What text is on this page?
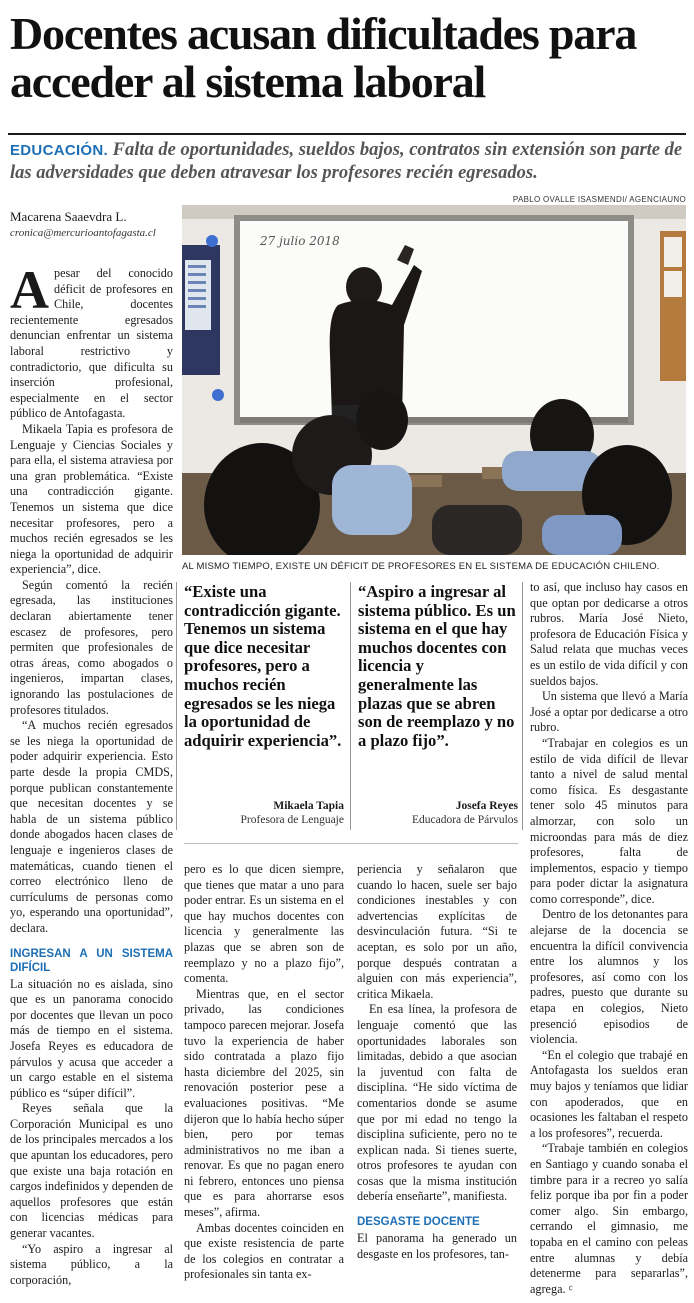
Docentes acusan dificultades para acceder al sistema laboral

EDUCACIÓN. Falta de oportunidades, sueldos bajos, contratos sin extensión son parte de las adversidades que deben atravesar los profesores recién egresados.

Macarena Saaevdra L.
cronica@mercurioantofagasta.cl
PABLO OVALLE ISASMENDI/ AGENCIAUNO
27 julio 2018
AL MISMO TIEMPO, EXISTE UN DÉFICIT DE PROFESORES EN EL SISTEMA DE EDUCACIÓN CHILENO.

Apesar del conocido déficit de profesores en Chile, docentes recientemente egresados denuncian enfrentar un sistema laboral restrictivo y contradictorio, que dificulta su inserción profesional, especialmente en el sector público de Antofagasta.

Mikaela Tapia es profesora de Lenguaje y Ciencias Sociales y para ella, el sistema atraviesa por una gran problemática. “Existe una contradicción gigante. Tenemos un sistema que dice necesitar profesores, pero a muchos recién egresados se les niega la oportunidad de adquirir experiencia”, dice.

Según comentó la recién egresada, las instituciones declaran abiertamente tener escasez de profesores, pero permiten que profesionales de otras áreas, como abogados o ingenieros, impartan clases, ignorando las postulaciones de profesores titulados.

“A muchos recién egresados se les niega la oportunidad de poder adquirir experiencia. Esto parte desde la propia CMDS, porque publican constantemente que necesitan docentes y se habla de un sistema público donde abogados hacen clases de lenguaje e ingenieros clases de matemáticas, cuando tienen el correo electrónico lleno de currículums de personas como yo, esperando una oportunidad”, declara.

INGRESAN A UN SISTEMA DIFÍCIL

La situación no es aislada, sino que es un panorama conocido por docentes que llevan un poco más de tiempo en el sistema. Josefa Reyes es educadora de párvulos y acusa que acceder a un cargo estable en el sistema público es “súper difícil”.

Reyes señala que la Corporación Municipal es uno de los principales mercados a los que apuntan los educadores, pero que existe una baja rotación en cargos indefinidos y dependen de aquellos profesores que están con licencias médicas para generar vacantes.

“Yo aspiro a ingresar al sistema público, a la corporación,

“Existe una contradicción gigante. Tenemos un sistema que dice necesitar profesores, pero a muchos recién egresados se les niega la oportunidad de adquirir experiencia”.
Mikaela Tapia
Profesora de Lenguaje
“Aspiro a ingresar al sistema público. Es un sistema en el que hay muchos docentes con licencia y generalmente las plazas que se abren son de reemplazo y no a plazo fijo”.
Josefa Reyes
Educadora de Párvulos

pero es lo que dicen siempre, que tienes que matar a uno para poder entrar. Es un sistema en el que hay muchos docentes con licencia y generalmente las plazas que se abren son de reemplazo y no a plazo fijo”, comenta.

Mientras que, en el sector privado, las condiciones tampoco parecen mejorar. Josefa tuvo la experiencia de haber sido contratada a plazo fijo hasta diciembre del 2025, sin renovación posterior pese a evaluaciones positivas. “Me dijeron que lo había hecho súper bien, pero por temas administrativos no me iban a renovar. Es que no pagan enero ni febrero, entonces uno piensa que es para ahorrarse esos meses”, afirma.

Ambas docentes coinciden en que existe resistencia de parte de los colegios en contratar a profesionales sin tanta ex-

periencia y señalaron que cuando lo hacen, suele ser bajo condiciones inestables y con advertencias explícitas de desvinculación futura. “Si te aceptan, es solo por un año, porque después contratan a alguien con más experiencia”, critica Mikaela.

En esa línea, la profesora de lenguaje comentó que las oportunidades laborales son limitadas, debido a que asocian la juventud con falta de disciplina. “He sido víctima de comentarios donde se asume que por mi edad no tengo la disciplina suficiente, pero no te explican nada. Si tienes suerte, otros profesores te ayudan con cosas que la misma institución debería enseñarte”, manifiesta.

DESGASTE DOCENTE

El panorama ha generado un desgaste en los profesores, tan-

to así, que incluso hay casos en que optan por dedicarse a otros rubros. María José Nieto, profesora de Educación Física y Salud relata que muchas veces es un estilo de vida difícil y con sueldos bajos.

Un sistema que llevó a María José a optar por dedicarse a otro rubro.

“Trabajar en colegios es un estilo de vida difícil de llevar tanto a nivel de salud mental como física. Es desgastante tener solo 45 minutos para almorzar, con solo un microondas para más de diez profesores, falta de implementos, espacio y tiempo para poder dictar la asignatura como corresponde”, dice.

Dentro de los detonantes para alejarse de la docencia se encuentra la difícil convivencia entre los alumnos y los profesores, así como con los padres, puesto que durante su etapa en colegios, Nieto presenció episodios de violencia.

“En el colegio que trabajé en Antofagasta los sueldos eran muy bajos y teníamos que lidiar con apoderados, que en ocasiones les faltaban el respeto a los profesores”, recuerda.

“Trabaje también en colegios en Santiago y cuando sonaba el timbre para ir a recreo yo salía feliz porque iba por fin a poder comer algo. Sin embargo, cerrando el gimnasio, me topaba en el camino con peleas entre alumnas y debía detenerme para separarlas”, agrega. ꟲ
